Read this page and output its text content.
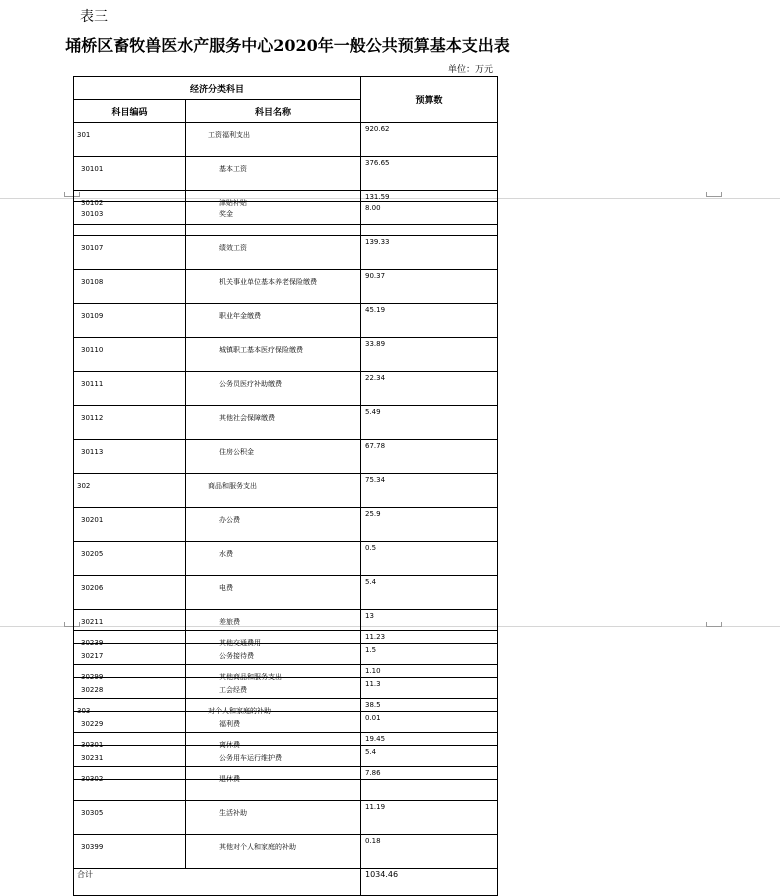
表三
埇桥区畜牧兽医水产服务中心2020年一般公共预算基本支出表
单位：万元
经济分类科目		预算数
科目编码	科目名称	
301	工资福利支出	920.62
30101	基本工资	376.65
30102	津贴补贴	131.59
30103	奖金	8.00
30107	绩效工资	139.33
30108	机关事业单位基本养老保险缴费	90.37
30109	职业年金缴费	45.19
30110	城镇职工基本医疗保险缴费	33.89
30111	公务员医疗补助缴费	22.34
30112	其他社会保障缴费	5.49
30113	住房公积金	67.78
302	商品和服务支出	75.34
30201	办公费	25.9
30205	水费	0.5
30206	电费	5.4
30211	差旅费	13
30217	公务接待费	1.5
30228	工会经费	11.3
30229	福利费	0.01
30231	公务用车运行维护费	5.4
30239	其他交通费用	11.23
30299	其他商品和服务支出	1.10
303	对个人和家庭的补助	38.5
30301	离休费	19.45
30302	退休费	7.86
30305	生活补助	11.19
30399	其他对个人和家庭的补助	0.18
合计		1034.46
